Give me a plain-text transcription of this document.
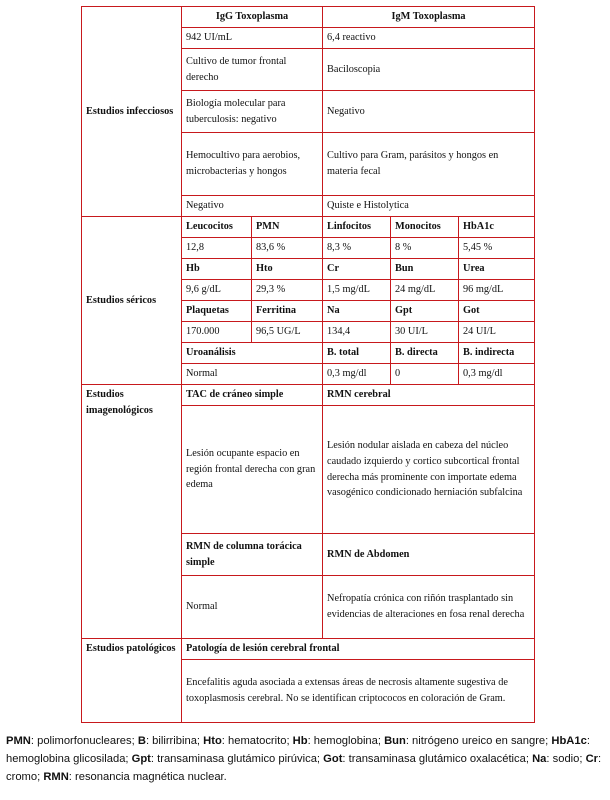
Estudios infecciosos	IgG Toxoplasma		IgM Toxoplasma		
	942 UI/mL		6,4 reactivo		
	Cultivo de tumor frontal derecho		Baciloscopia		
	Biología molecular para tuberculosis: negativo		Negativo		
	Hemocultivo para aerobios, microbacterias y hongos		Cultivo para Gram, parásitos y hongos en materia fecal		
	Negativo		Quiste e Histolytica		
Estudios séricos	Leucocitos	PMN	Linfocitos	Monocitos	HbA1c
	12,8	83,6 %	8,3 %	8 %	5,45 %
	Hb	Hto	Cr	Bun	Urea
	9,6 g/dL	29,3 %	1,5 mg/dL	24 mg/dL	96 mg/dL
	Plaquetas	Ferritina	Na	Gpt	Got
	170.000	96,5 UG/L	134,4	30 UI/L	24 UI/L
	Uroanálisis		B. total	B. directa	B. indirecta
	Normal		0,3 mg/dl	0	0,3 mg/dl
Estudios imagenológicos	TAC de cráneo simple		RMN cerebral		
	Lesión ocupante espacio en región frontal derecha con gran edema		Lesión nodular aislada en cabeza del núcleo caudado izquierdo y cortico subcortical frontal derecha más prominente con importate edema vasogénico condicionado herniación subfalcina		
	RMN de columna torácica simple		RMN de Abdomen		
	Normal		Nefropatía crónica con riñón trasplantado sin evidencias de alteraciones en fosa renal derecha		
Estudios patológicos	Patología de lesión cerebral frontal				
	Encefalitis aguda asociada a extensas áreas de necrosis altamente sugestiva de toxoplasmosis cerebral. No se identifican criptococos en coloración de Gram.				
PMN: polimorfonucleares; B: bilirribina; Hto: hematocrito; Hb: hemoglobina; Bun: nitrógeno ureico en sangre; HbA1c: hemoglobina glicosilada; Gpt: transaminasa glutámico pirúvica; Got: transaminasa glutámico oxalacética; Na: sodio; Cr: cromo; RMN: resonancia magnética nuclear.
